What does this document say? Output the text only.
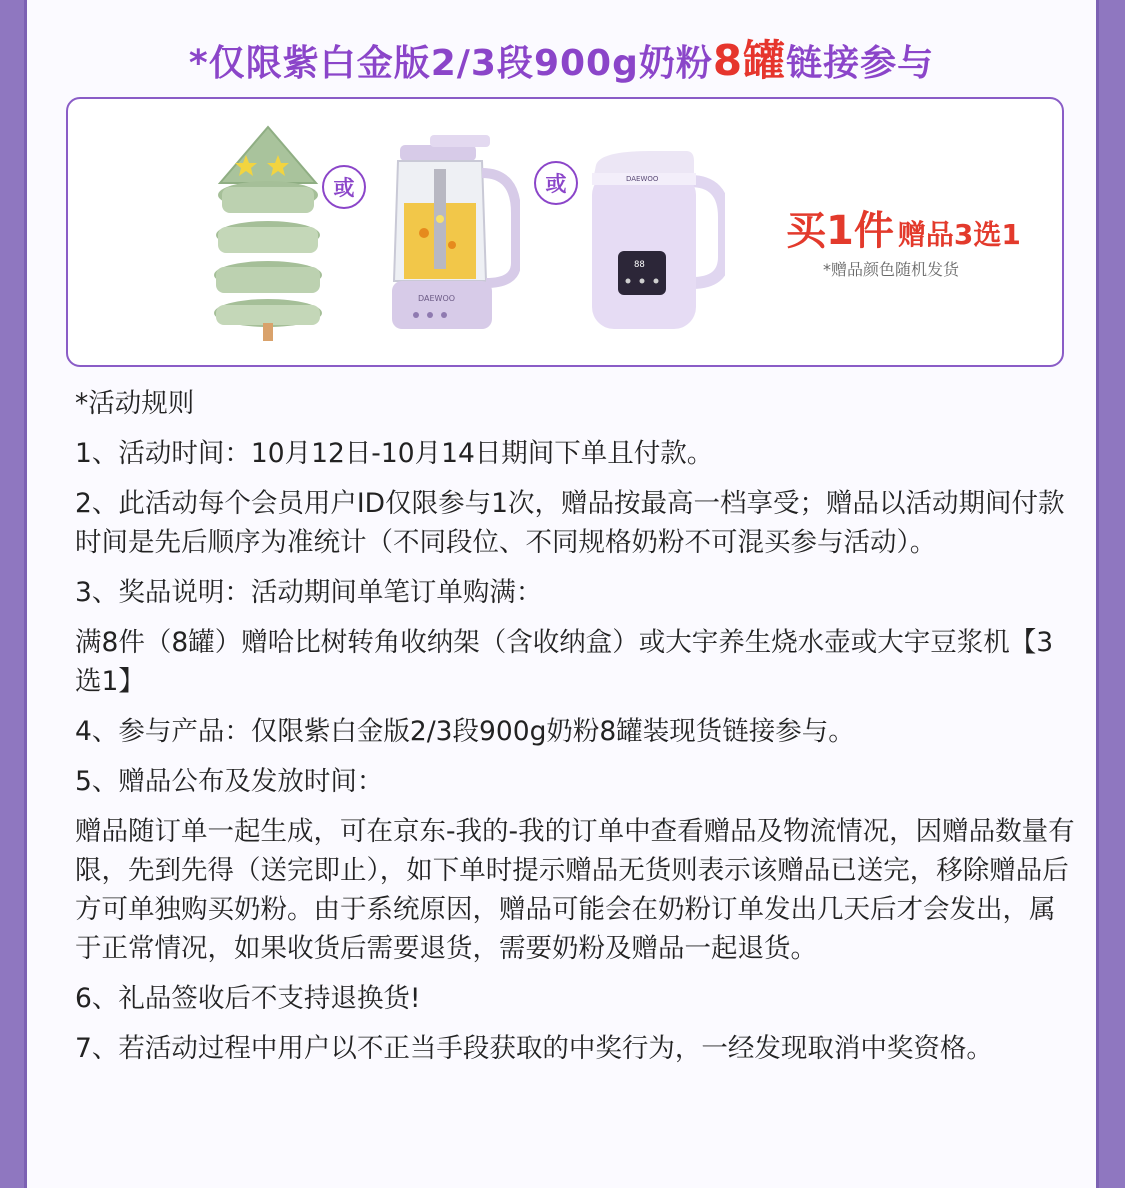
*仅限紫白金版2/3段900g奶粉8罐链接参与
或
DAEWOO
或	DAEWOO
88
买1件 赠品3选1
*赠品颜色随机发货
*活动规则
1、活动时间：10月12日-10月14日期间下单且付款。
2、此活动每个会员用户ID仅限参与1次，赠品按最高一档享受；赠品以活动期间付款时间是先后顺序为准统计（不同段位、不同规格奶粉不可混买参与活动）。
3、奖品说明：活动期间单笔订单购满：
满8件（8罐）赠哈比树转角收纳架（含收纳盒）或大宇养生烧水壶或大宇豆浆机【3选1】
4、参与产品：仅限紫白金版2/3段900g奶粉8罐装现货链接参与。
5、赠品公布及发放时间：
赠品随订单一起生成，可在京东-我的-我的订单中查看赠品及物流情况，因赠品数量有限，先到先得（送完即止），如下单时提示赠品无货则表示该赠品已送完，移除赠品后方可单独购买奶粉。由于系统原因，赠品可能会在奶粉订单发出几天后才会发出，属于正常情况，如果收货后需要退货，需要奶粉及赠品一起退货。
6、礼品签收后不支持退换货!
7、若活动过程中用户以不正当手段获取的中奖行为，一经发现取消中奖资格。
